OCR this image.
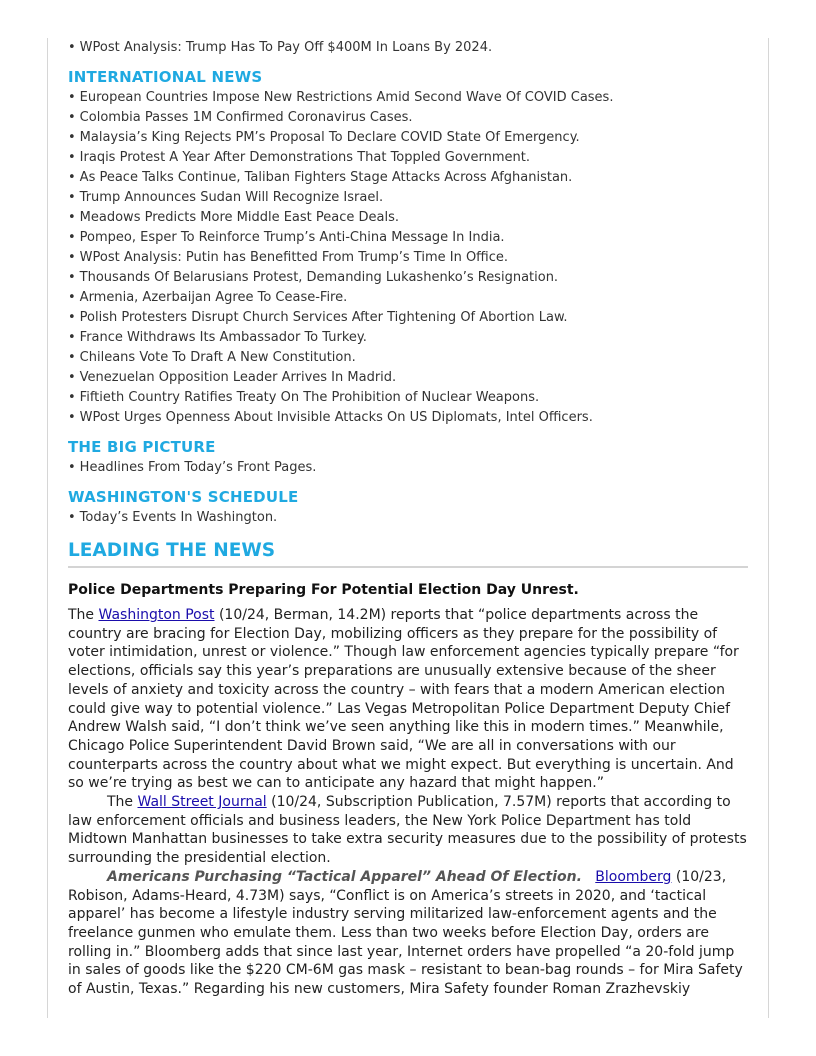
• WPost Analysis: Trump Has To Pay Off $400M In Loans By 2024.
INTERNATIONAL NEWS
• European Countries Impose New Restrictions Amid Second Wave Of COVID Cases.
• Colombia Passes 1M Confirmed Coronavirus Cases.
• Malaysia’s King Rejects PM’s Proposal To Declare COVID State Of Emergency.
• Iraqis Protest A Year After Demonstrations That Toppled Government.
• As Peace Talks Continue, Taliban Fighters Stage Attacks Across Afghanistan.
• Trump Announces Sudan Will Recognize Israel.
• Meadows Predicts More Middle East Peace Deals.
• Pompeo, Esper To Reinforce Trump’s Anti-China Message In India.
• WPost Analysis: Putin has Benefitted From Trump’s Time In Office.
• Thousands Of Belarusians Protest, Demanding Lukashenko’s Resignation.
• Armenia, Azerbaijan Agree To Cease-Fire.
• Polish Protesters Disrupt Church Services After Tightening Of Abortion Law.
• France Withdraws Its Ambassador To Turkey.
• Chileans Vote To Draft A New Constitution.
• Venezuelan Opposition Leader Arrives In Madrid.
• Fiftieth Country Ratifies Treaty On The Prohibition of Nuclear Weapons.
• WPost Urges Openness About Invisible Attacks On US Diplomats, Intel Officers.
THE BIG PICTURE
• Headlines From Today’s Front Pages.
WASHINGTON'S SCHEDULE
• Today’s Events In Washington.
LEADING THE NEWS
Police Departments Preparing For Potential Election Day Unrest.

The Washington Post (10/24, Berman, 14.2M) reports that “police departments across the country are bracing for Election Day, mobilizing officers as they prepare for the possibility of voter intimidation, unrest or violence.” Though law enforcement agencies typically prepare “for elections, officials say this year’s preparations are unusually extensive because of the sheer levels of anxiety and toxicity across the country – with fears that a modern American election could give way to potential violence.” Las Vegas Metropolitan Police Department Deputy Chief Andrew Walsh said, “I don’t think we’ve seen anything like this in modern times.” Meanwhile, Chicago Police Superintendent David Brown said, “We are all in conversations with our counterparts across the country about what we might expect. But everything is uncertain. And so we’re trying as best we can to anticipate any hazard that might happen.”

The Wall Street Journal (10/24, Subscription Publication, 7.57M) reports that according to law enforcement officials and business leaders, the New York Police Department has told Midtown Manhattan businesses to take extra security measures due to the possibility of protests surrounding the presidential election.

Americans Purchasing “Tactical Apparel” Ahead Of Election. Bloomberg (10/23, Robison, Adams-Heard, 4.73M) says, “Conflict is on America’s streets in 2020, and ‘tactical apparel’ has become a lifestyle industry serving militarized law-enforcement agents and the freelance gunmen who emulate them. Less than two weeks before Election Day, orders are rolling in.” Bloomberg adds that since last year, Internet orders have propelled “a 20-fold jump in sales of goods like the $220 CM-6M gas mask – resistant to bean-bag rounds – for Mira Safety of Austin, Texas.” Regarding his new customers, Mira Safety founder Roman Zrazhevskiy
